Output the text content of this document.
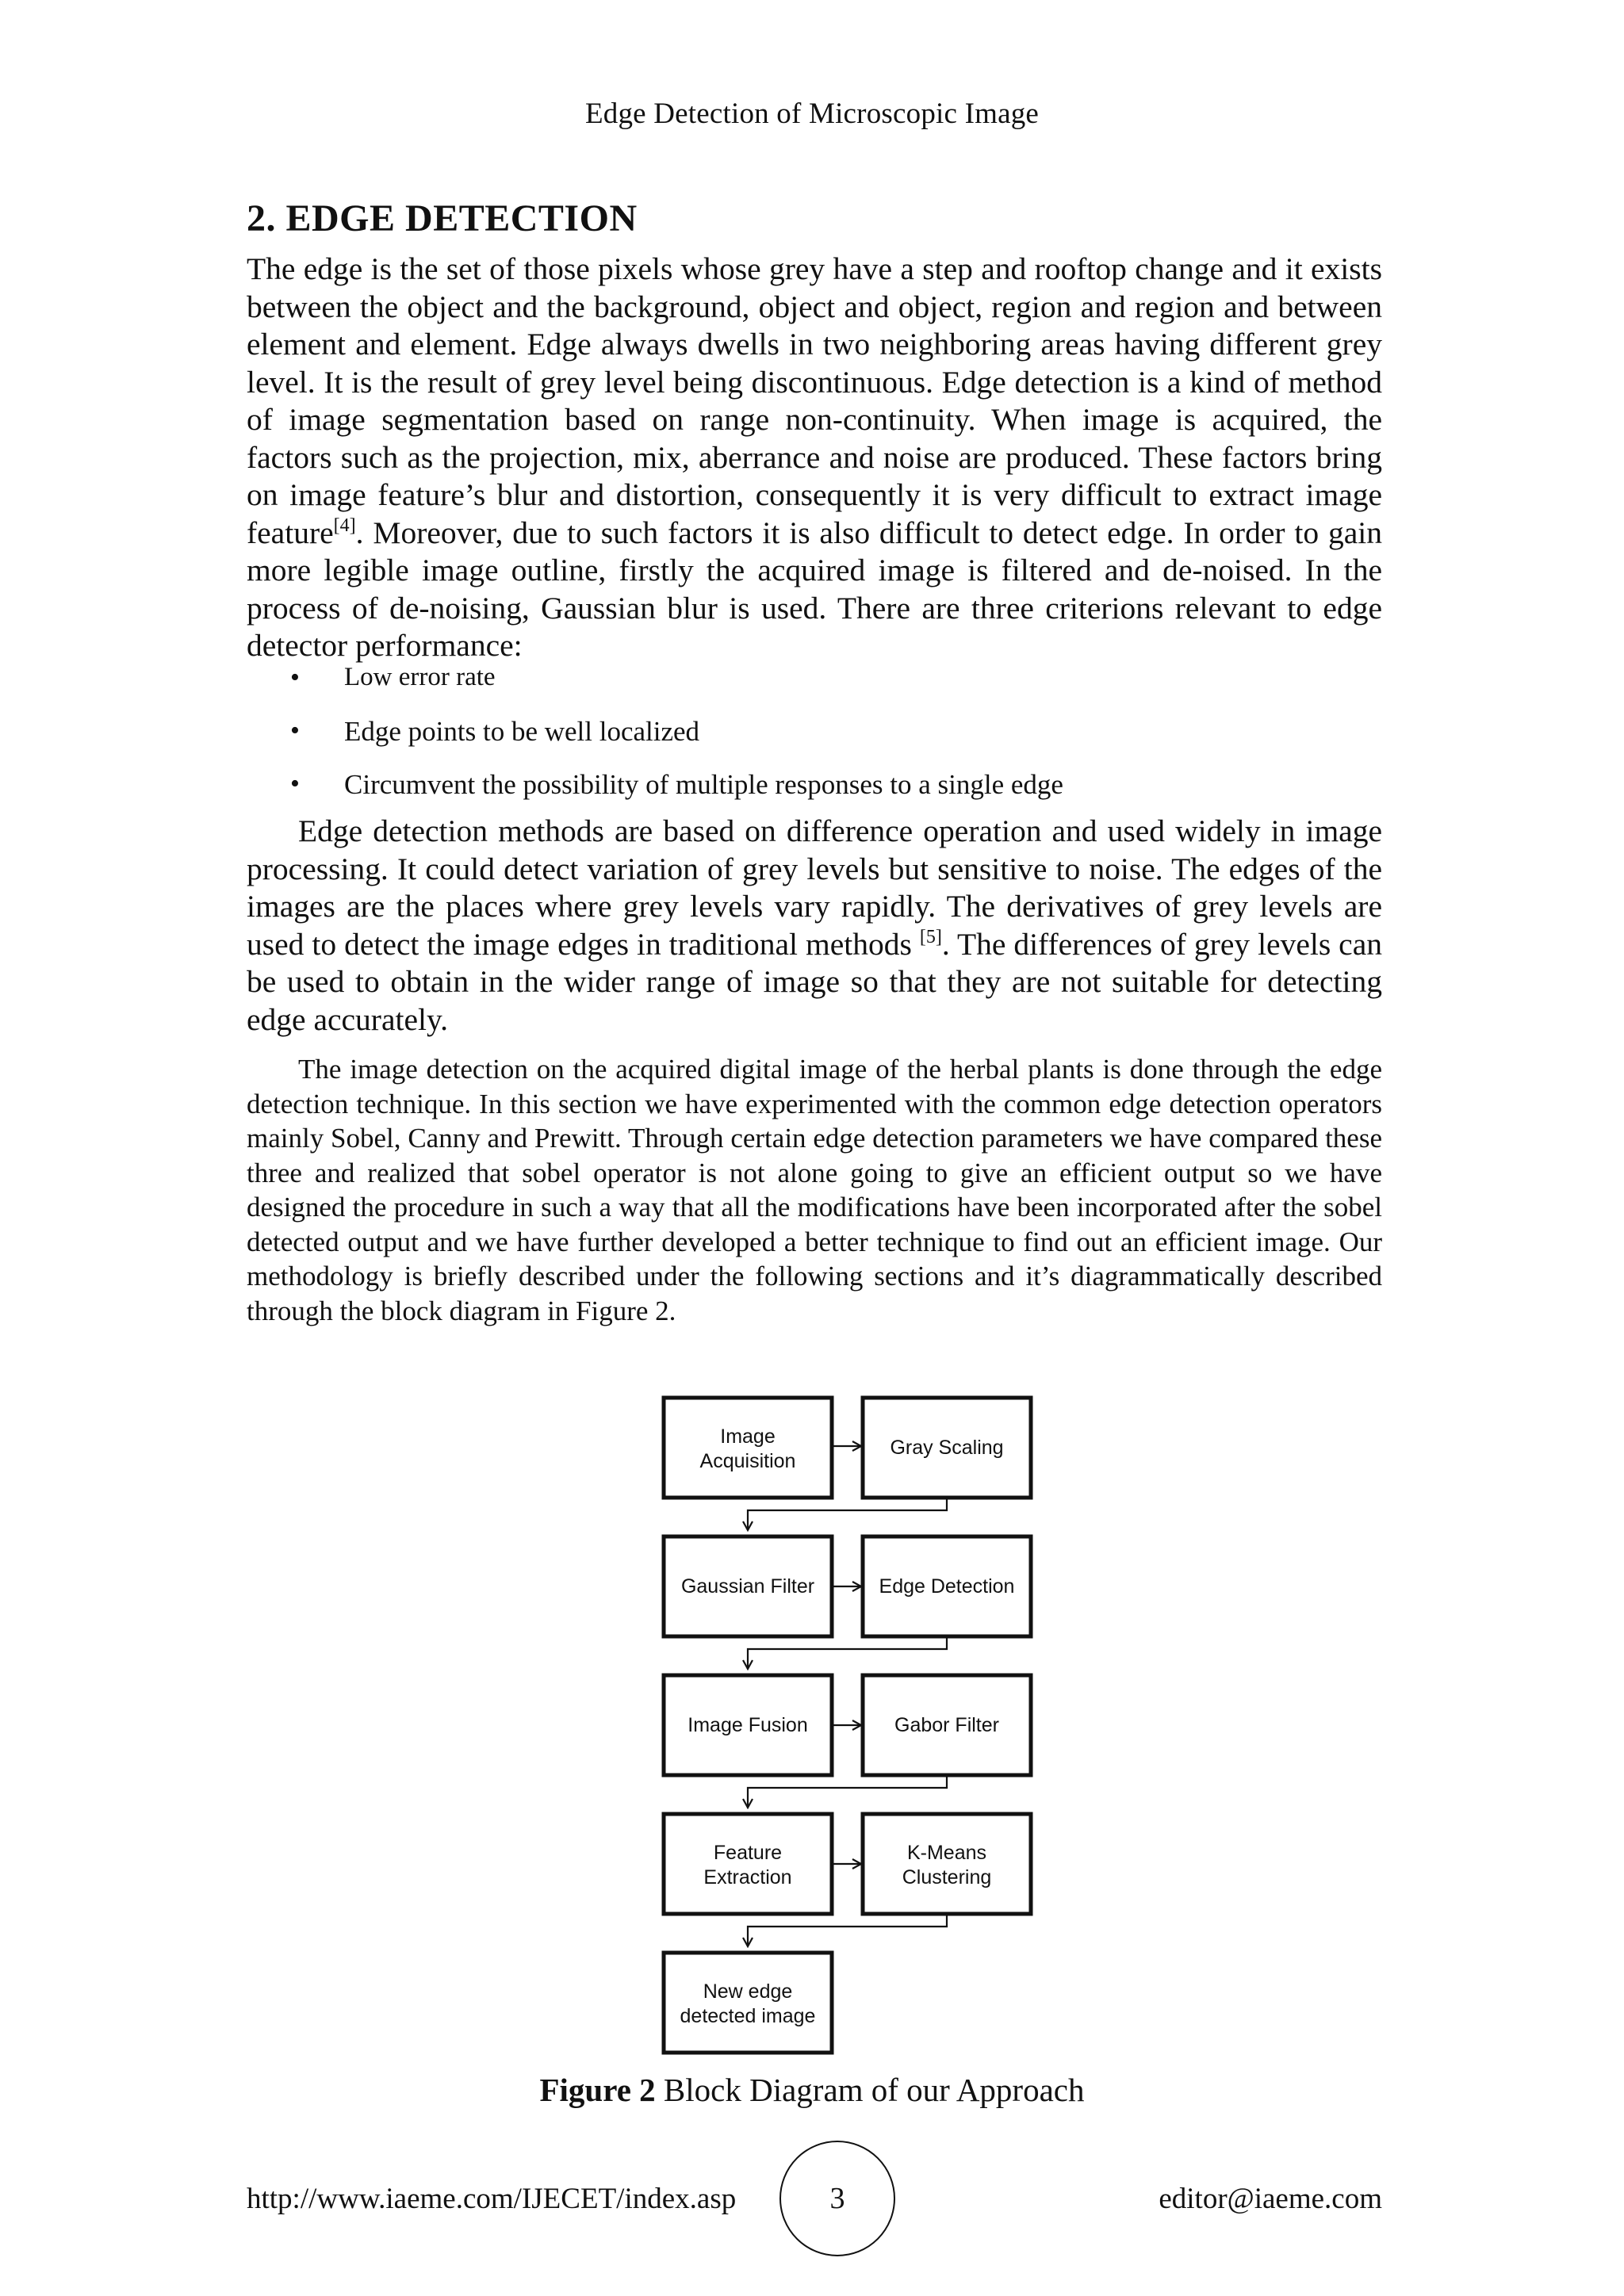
Edge Detection of Microscopic Image
2. EDGE DETECTION

The edge is the set of those pixels whose grey have a step and rooftop change and it exists between the object and the background, object and object, region and region and between element and element. Edge always dwells in two neighboring areas having different grey level. It is the result of grey level being discontinuous. Edge detection is a kind of method of image segmentation based on range non-continuity. When image is acquired, the factors such as the projection, mix, aberrance and noise are produced. These factors bring on image feature’s blur and distortion, consequently it is very difficult to extract image feature[4]. Moreover, due to such factors it is also difficult to detect edge. In order to gain more legible image outline, firstly the acquired image is filtered and de-noised. In the process of de-noising, Gaussian blur is used. There are three criterions relevant to edge detector performance:

• Low error rate
• Edge points to be well localized
• Circumvent the possibility of multiple responses to a single edge

Edge detection methods are based on difference operation and used widely in image processing. It could detect variation of grey levels but sensitive to noise. The edges of the images are the places where grey levels vary rapidly. The derivatives of grey levels are used to detect the image edges in traditional methods [5]. The differences of grey levels can be used to obtain in the wider range of image so that they are not suitable for detecting edge accurately.

The image detection on the acquired digital image of the herbal plants is done through the edge detection technique. In this section we have experimented with the common edge detection operators mainly Sobel, Canny and Prewitt. Through certain edge detection parameters we have compared these three and realized that sobel operator is not alone going to give an efficient output so we have designed the procedure in such a way that all the modifications have been incorporated after the sobel detected output and we have further developed a better technique to find out an efficient image. Our methodology is briefly described under the following sections and it’s diagrammatically described through the block diagram in Figure 2.

Image
Acquisition
Gray Scaling
Gaussian Filter	Edge Detection
Image Fusion	Gabor Filter
Feature
Extraction
K-Means
Clustering
New edge
detected image
Figure 2 Block Diagram of our Approach
http://www.iaeme.com/IJECET/index.asp	3	editor@iaeme.com
